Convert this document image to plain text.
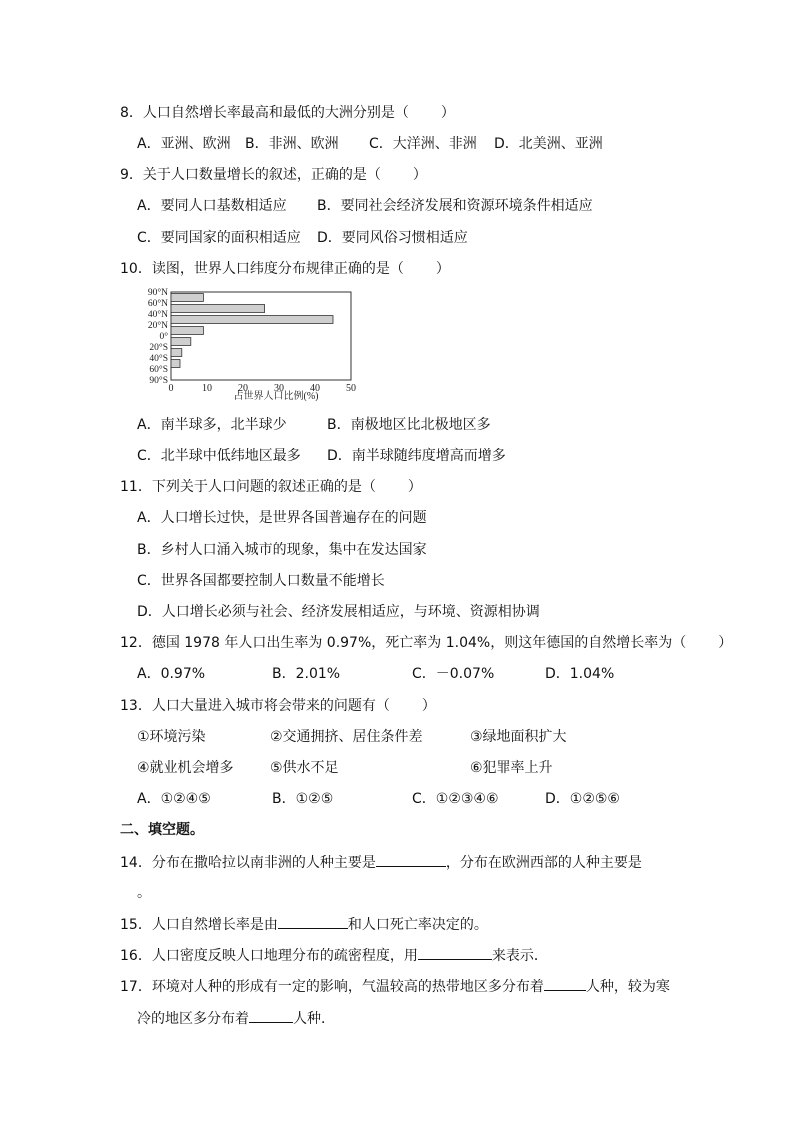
8．人口自然增长率最高和最低的大洲分别是（ ）
A．亚洲、欧洲 B．非洲、欧洲 C．大洋洲、非洲 D．北美洲、亚洲
9．关于人口数量增长的叙述，正确的是（ ）
A．要同人口基数相适应 B．要同社会经济发展和资源环境条件相适应
C．要同国家的面积相适应 D．要同风俗习惯相适应
10．读图，世界人口纬度分布规律正确的是（ ）
90°N
60°N
40°N
20°N
0°
20°S
40°S
60°S
90°S
0	10	20	30	40	50
占世界人口比例(%)
A．南半球多，北半球少	B．南极地区比北极地区多
C．北半球中低纬地区最多 D．南半球随纬度增高而增多
11．下列关于人口问题的叙述正确的是（ ）
A．人口增长过快，是世界各国普遍存在的问题
B．乡村人口涌入城市的现象，集中在发达国家
C．世界各国都要控制人口数量不能增长
D．人口增长必须与社会、经济发展相适应，与环境、资源相协调
12．德国 1978 年人口出生率为 0.97%，死亡率为 1.04%，则这年德国的自然增长率为（ ）
A．0.97%	B．2.01%	C．－0.07%	D．1.04%
13．人口大量进入城市将会带来的问题有（ ）
①环境污染	②交通拥挤、居住条件差	③绿地面积扩大
④就业机会增多	⑤供水不足	⑥犯罪率上升
A．①②④⑤	B．①②⑤	C．①②③④⑥	D．①②⑤⑥
二、填空题。
14．分布在撒哈拉以南非洲的人种主要是	，分布在欧洲西部的人种主要是
。
15．人口自然增长率是由	和人口死亡率决定的。
16．人口密度反映人口地理分布的疏密程度，用	来表示．
17．环境对人种的形成有一定的影响，气温较高的热带地区多分布着	人种，较为寒
冷的地区多分布着	人种．
